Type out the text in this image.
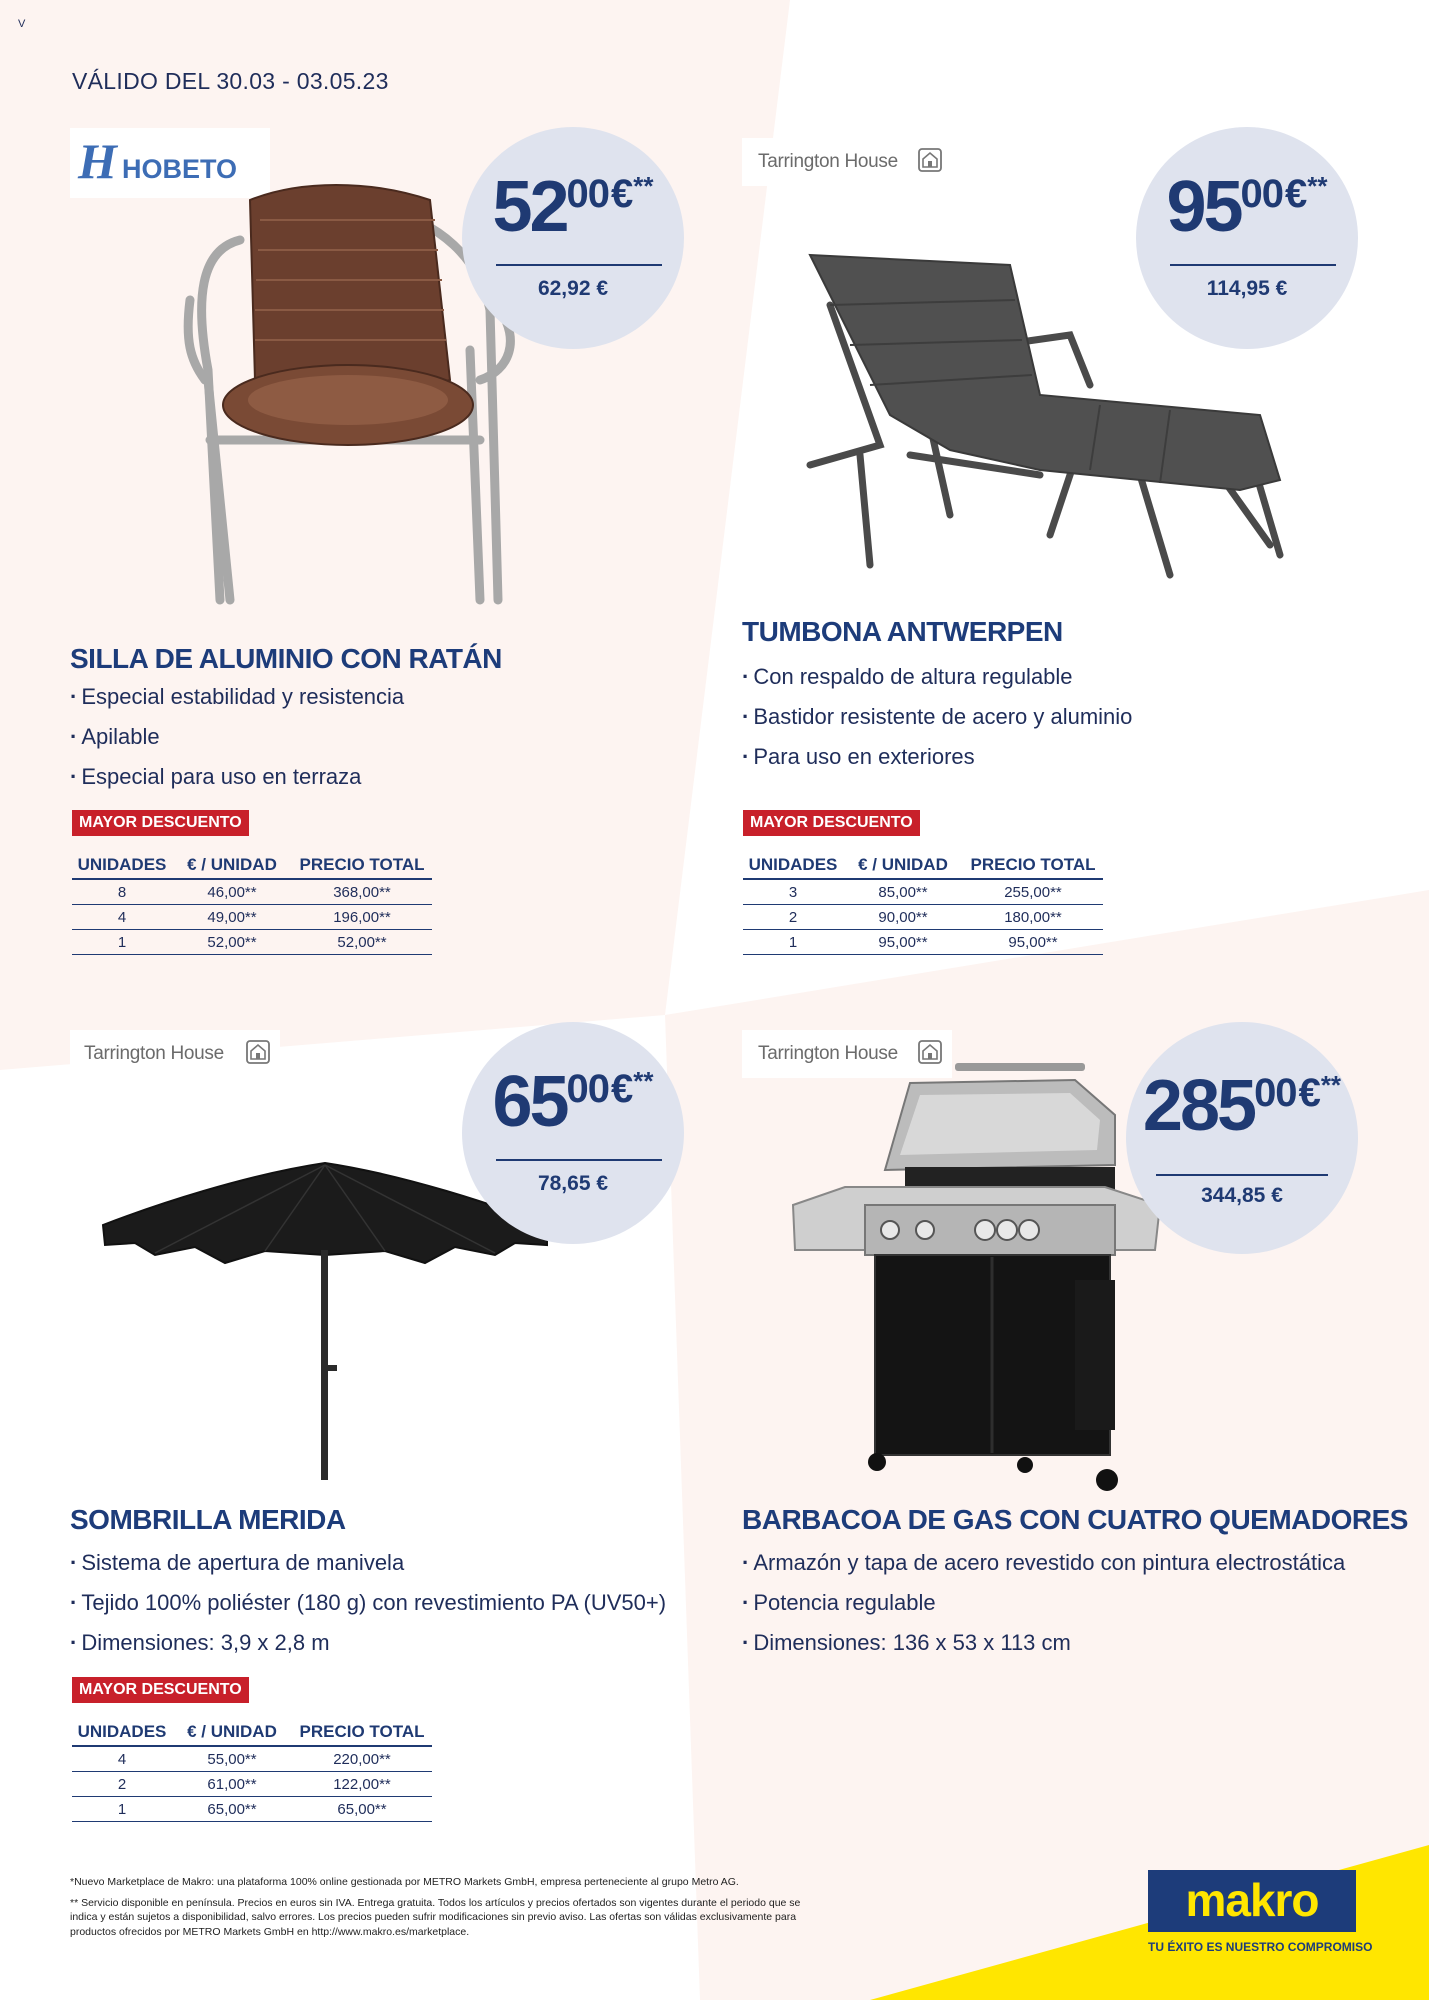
V
VÁLIDO DEL 30.03 - 03.05.23
H HOBETO	5200€**
62,92 €
SILLA DE ALUMINIO CON RATÁN
· Especial estabilidad y resistencia
· Apilable
· Especial para uso en terraza
MAYOR DESCUENTO
UNIDADES	€ / UNIDAD	PRECIO TOTAL
8	46,00**	368,00**
4	49,00**	196,00**
1	52,00**	52,00**
Tarrington House
9500€**
114,95 €
TUMBONA ANTWERPEN
· Con respaldo de altura regulable
· Bastidor resistente de acero y aluminio
· Para uso en exteriores
MAYOR DESCUENTO
UNIDADES	€ / UNIDAD	PRECIO TOTAL
3	85,00**	255,00**
2	90,00**	180,00**
1	95,00**	95,00**
Tarrington House
6500€**
78,65 €
SOMBRILLA MERIDA
· Sistema de apertura de manivela
· Tejido 100% poliéster (180 g) con revestimiento PA (UV50+)
· Dimensiones: 3,9 x 2,8 m
MAYOR DESCUENTO
UNIDADES	€ / UNIDAD	PRECIO TOTAL
4	55,00**	220,00**
2	61,00**	122,00**
1	65,00**	65,00**
Tarrington House
28500€**
344,85 €
BARBACOA DE GAS CON CUATRO QUEMADORES
· Armazón y tapa de acero revestido con pintura electrostática
· Potencia regulable
· Dimensiones: 136 x 53 x 113 cm

*Nuevo Marketplace de Makro: una plataforma 100% online gestionada por METRO Markets GmbH, empresa perteneciente al grupo Metro AG.

** Servicio disponible en península. Precios en euros sin IVA. Entrega gratuita. Todos los artículos y precios ofertados son vigentes durante el periodo que se indica y están sujetos a disponibilidad, salvo errores. Los precios pueden sufrir modificaciones sin previo aviso. Las ofertas son válidas exclusivamente para productos ofrecidos por METRO Markets GmbH en http://www.makro.es/marketplace.

makro
TU ÉXITO ES NUESTRO COMPROMISO
